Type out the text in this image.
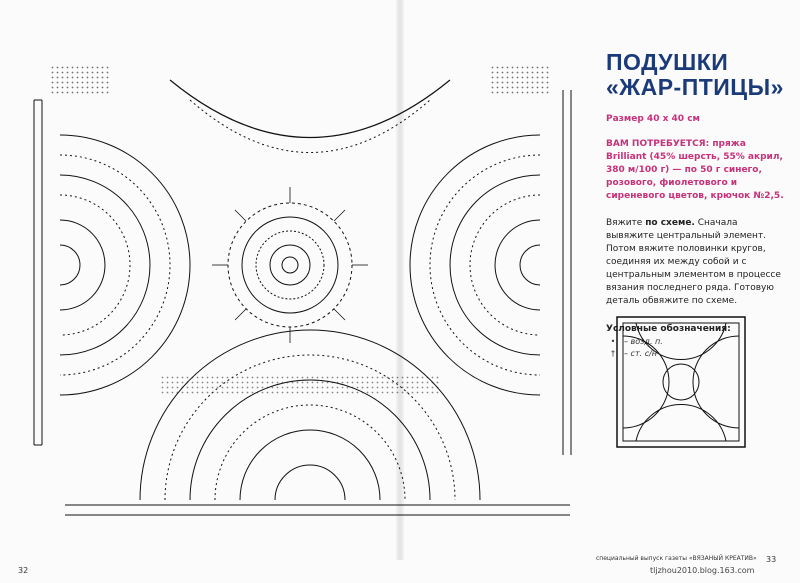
ПОДУШКИ
«ЖАР-ПТИЦЫ»
Размер 40 х 40 см
ВАМ ПОТРЕБУЕТСЯ: пряжа Brilliant (45% шерсть, 55% акрил, 380 м/100 г) — по 50 г синего, розового, фиолетового и сиреневого цветов, крючок №2,5.
Вяжите по схеме. Сначала вывяжите центральный элемент. Потом вяжите половинки кругов, соединяя их между собой и с центральным элементом в процессе вязания последнего ряда. Готовую деталь обвяжите по схеме.
Условные обозначения:
•	– возд. п.
†	– ст. с/н
32
специальный выпуск газеты «ВЯЗАНЫЙ КРЕАТИВ» 33
tljzhou2010.blog.163.com
